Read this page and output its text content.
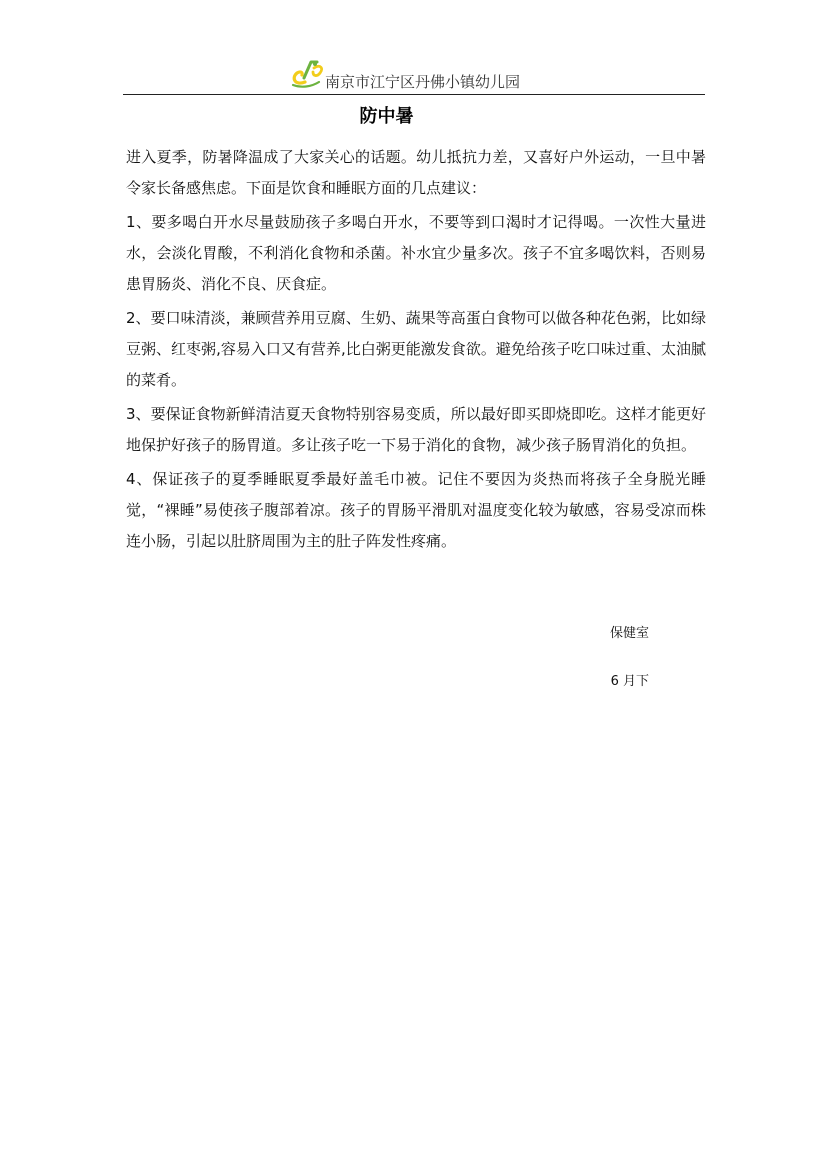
南京市江宁区丹佛小镇幼儿园
防中暑

进入夏季，防暑降温成了大家关心的话题。幼儿抵抗力差，又喜好户外运动，一旦中暑令家长备感焦虑。下面是饮食和睡眠方面的几点建议：

1、要多喝白开水尽量鼓励孩子多喝白开水，不要等到口渴时才记得喝。一次性大量进水，会淡化胃酸，不利消化食物和杀菌。补水宜少量多次。孩子不宜多喝饮料，否则易患胃肠炎、消化不良、厌食症。

2、要口味清淡，兼顾营养用豆腐、生奶、蔬果等高蛋白食物可以做各种花色粥，比如绿豆粥、红枣粥,容易入口又有营养,比白粥更能激发食欲。避免给孩子吃口味过重、太油腻的菜肴。

3、要保证食物新鲜清洁夏天食物特别容易变质，所以最好即买即烧即吃。这样才能更好地保护好孩子的肠胃道。多让孩子吃一下易于消化的食物，减少孩子肠胃消化的负担。

4、保证孩子的夏季睡眠夏季最好盖毛巾被。记住不要因为炎热而将孩子全身脱光睡觉，“裸睡”易使孩子腹部着凉。孩子的胃肠平滑肌对温度变化较为敏感，容易受凉而株连小肠，引起以肚脐周围为主的肚子阵发性疼痛。

保健室
6 月下
